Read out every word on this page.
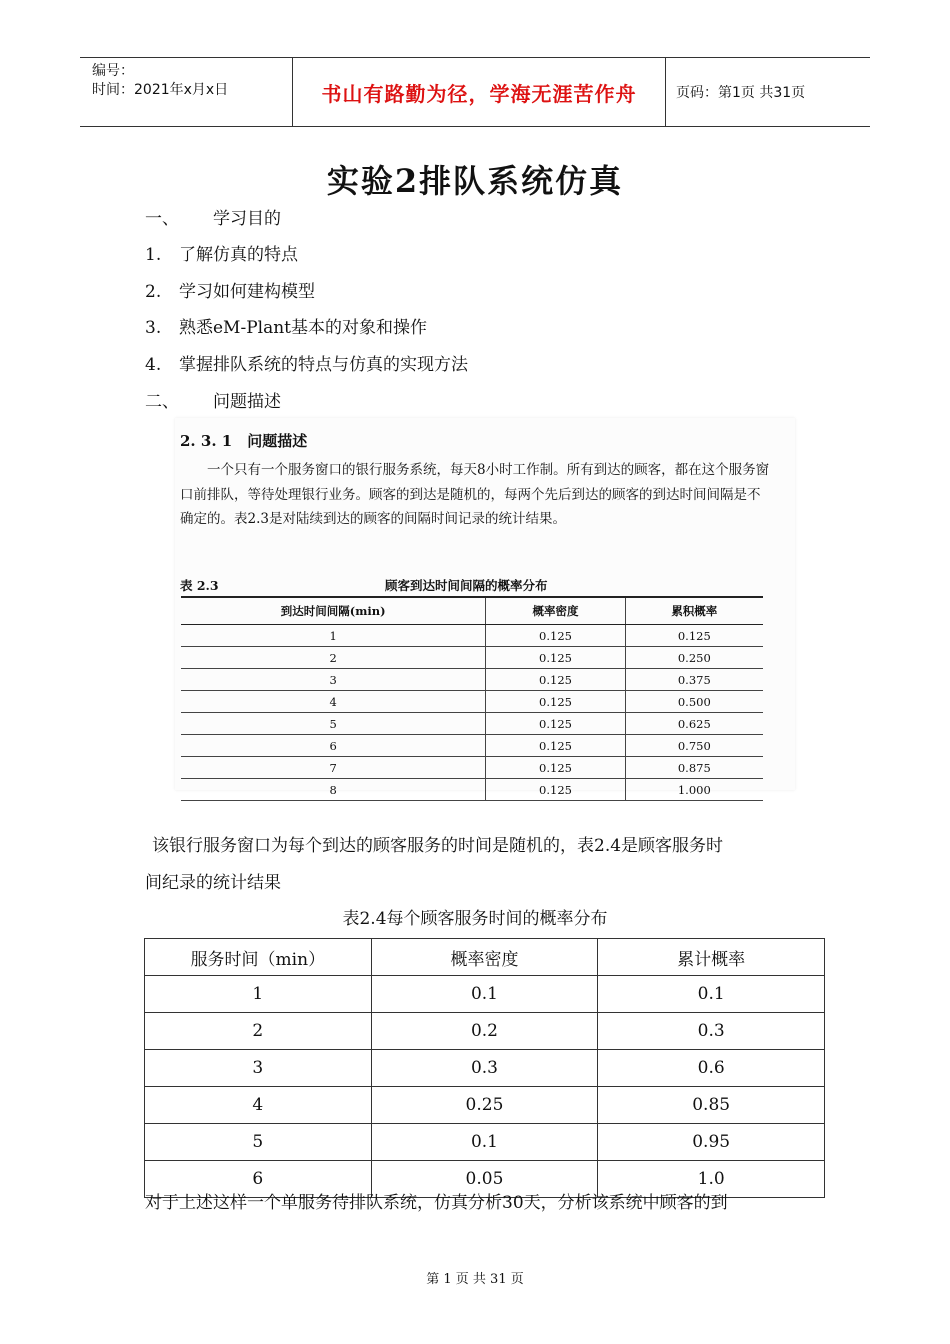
编号：
时间：2021年x月x日	书山有路勤为径，学海无涯苦作舟	页码：第1页 共31页
实验2排队系统仿真
一、 学习目的
1. 了解仿真的特点
2. 学习如何建构模型
3. 熟悉eM-Plant基本的对象和操作
4. 掌握排队系统的特点与仿真的实现方法
二、 问题描述
2. 3. 1　问题描述
一个只有一个服务窗口的银行服务系统，每天8小时工作制。所有到达的顾客，都在这个服务窗口前排队，等待处理银行业务。顾客的到达是随机的，每两个先后到达的顾客的到达时间间隔是不确定的。表2.3是对陆续到达的顾客的间隔时间记录的统计结果。
表 2.3	顾客到达时间间隔的概率分布
到达时间间隔(min)	概率密度	累积概率
1	0.125	0.125
2	0.125	0.250
3	0.125	0.375
4	0.125	0.500
5	0.125	0.625
6	0.125	0.750
7	0.125	0.875
8	0.125	1.000
该银行服务窗口为每个到达的顾客服务的时间是随机的，表2.4是顾客服务时
间纪录的统计结果
表2.4每个顾客服务时间的概率分布
服务时间（min）	概率密度	累计概率
1	0.1	0.1
2	0.2	0.3
3	0.3	0.6
4	0.25	0.85
5	0.1	0.95
6	0.05	1.0
对于上述这样一个单服务待排队系统，仿真分析30天，分析该系统中顾客的到
第 1 页 共 31 页
